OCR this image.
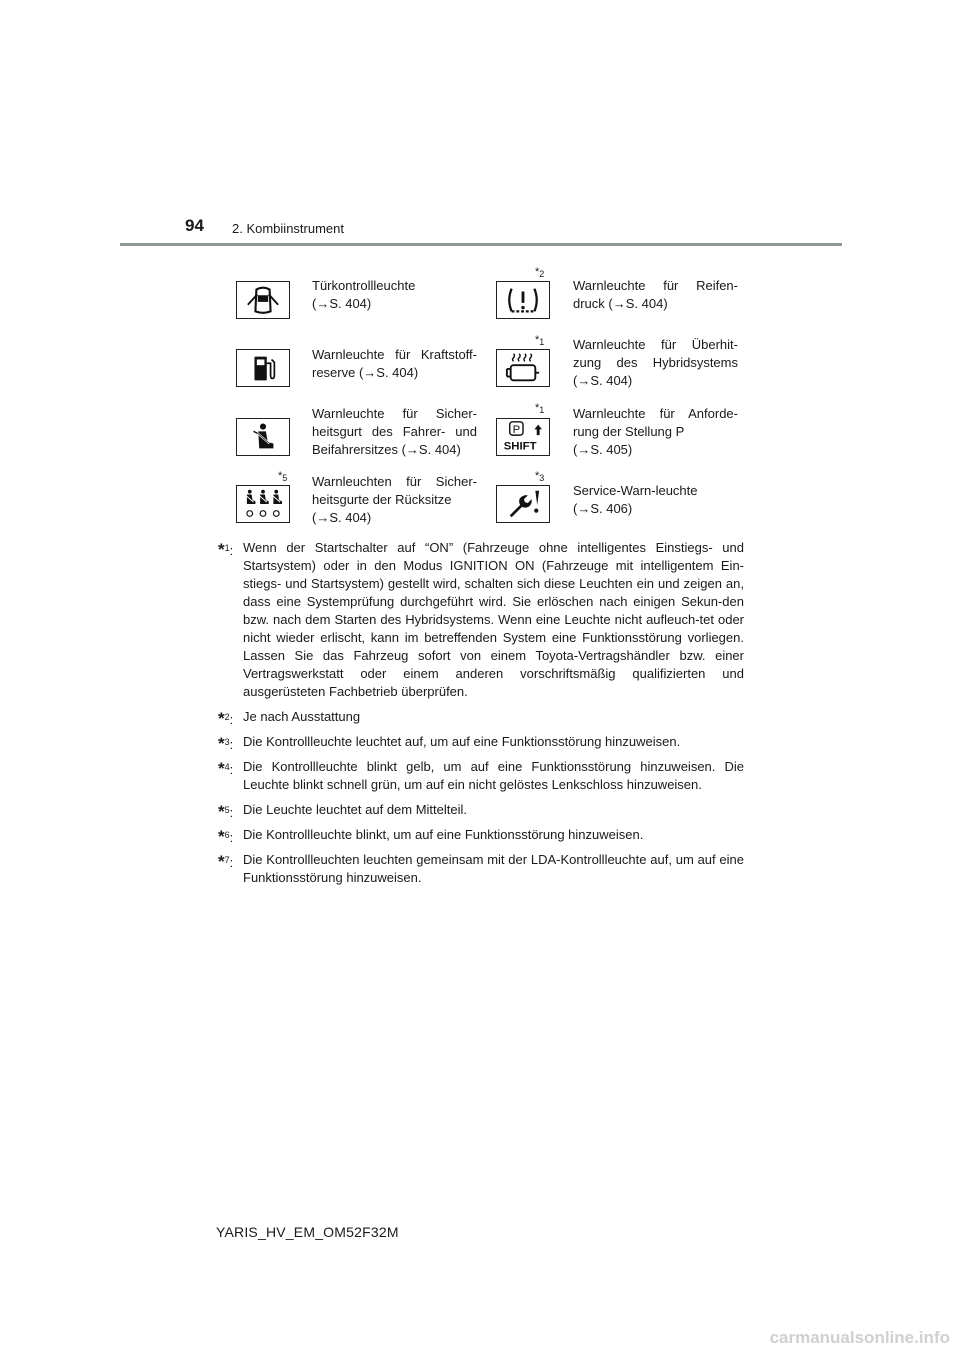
94 2. Kombiinstrument
Türkontrollleuchte
(→S. 404)
$*_2$
Warnleuchte für Reifen-
druck (→S. 404)
Warnleuchte für Kraftstoff-
reserve (→S. 404)
$*_1$ Warnleuchte für Überhit-
zung des Hybridsystems
(→S. 404)
Warnleuchte für Sicher-
heitsgurt des Fahrer- und
Beifahrersitzes (→S. 404)
$*_1$
P
SHIFT
Warnleuchte für Anforde-
rung der Stellung P
(→S. 405)
$*_5$ Warnleuchten für Sicher-
heitsgurte der Rücksitze
(→S. 404)
$*_3$
Service-Warn-leuchte
(→S. 406)
*$^1$: Wenn der Startschalter auf “ON” (Fahrzeuge ohne intelligentes Einstiegs- und Startsystem) oder in den Modus IGNITION ON (Fahrzeuge mit intelligentem Ein-stiegs- und Startsystem) gestellt wird, schalten sich diese Leuchten ein und zeigen an, dass eine Systemprüfung durchgeführt wird. Sie erlöschen nach einigen Sekun-den bzw. nach dem Starten des Hybridsystems. Wenn eine Leuchte nicht aufleuch-tet oder nicht wieder erlischt, kann im betreffenden System eine Funktionsstörung vorliegen. Lassen Sie das Fahrzeug sofort von einem Toyota-Vertragshändler bzw. einer Vertragswerkstatt oder einem anderen vorschriftsmäßig qualifizierten und ausgerüsteten Fachbetrieb überprüfen.
*$^2$: Je nach Ausstattung
*$^3$: Die Kontrollleuchte leuchtet auf, um auf eine Funktionsstörung hinzuweisen.
*$^4$: Die Kontrollleuchte blinkt gelb, um auf eine Funktionsstörung hinzuweisen. Die Leuchte blinkt schnell grün, um auf ein nicht gelöstes Lenkschloss hinzuweisen.
*$^5$: Die Leuchte leuchtet auf dem Mittelteil.
*$^6$: Die Kontrollleuchte blinkt, um auf eine Funktionsstörung hinzuweisen.
*$^7$: Die Kontrollleuchten leuchten gemeinsam mit der LDA-Kontrollleuchte auf, um auf eine Funktionsstörung hinzuweisen.
YARIS_HV_EM_OM52F32M
carmanualsonline.info
